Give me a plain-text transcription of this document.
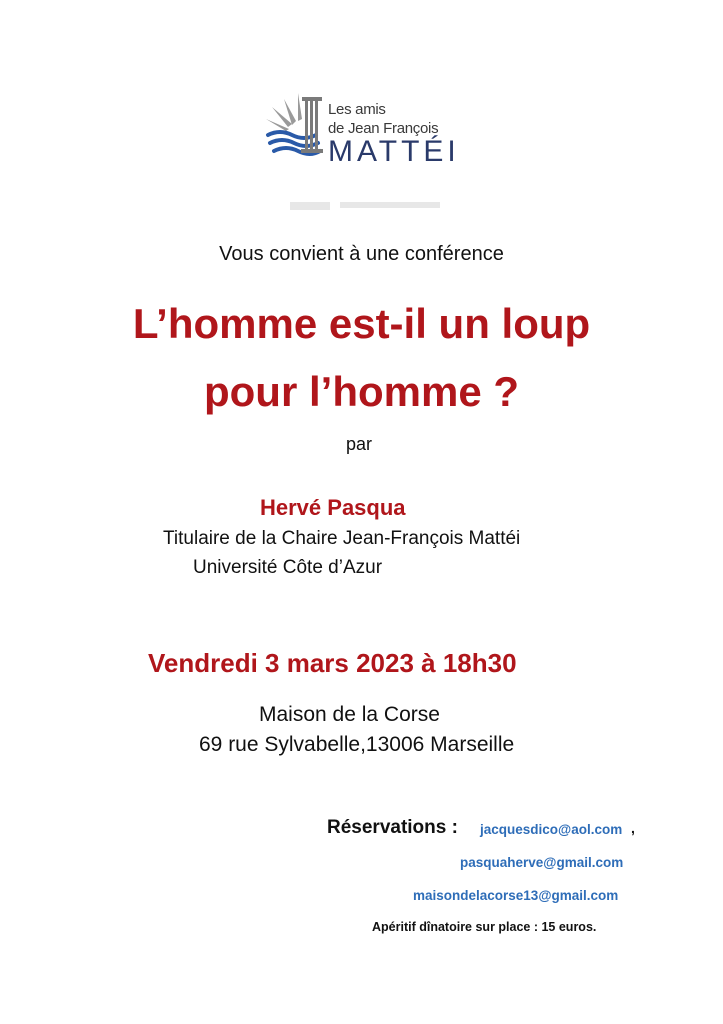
Les amis
de Jean François
MATTÉI
Vous convient à une conférence
L’homme est-il un loup
pour l’homme ?
par
Hervé Pasqua
Titulaire de la Chaire Jean-François Mattéi
Université Côte d’Azur
Vendredi 3 mars 2023 à 18h30
Maison de la Corse
69 rue Sylvabelle,13006 Marseille
Réservations : jacquesdico@aol.com ,
pasquaherve@gmail.com
maisondelacorse13@gmail.com
Apéritif dînatoire sur place : 15 euros.
